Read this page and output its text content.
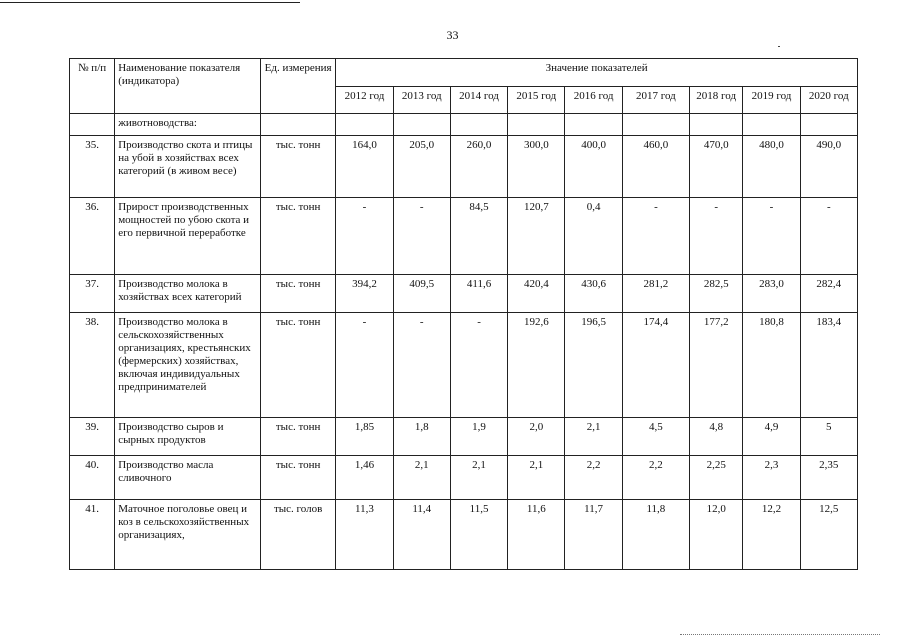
33
№ п/п	Наименование показателя (индикатора)	Ед. измерения	Значение показателей								
			2012 год	2013 год	2014 год	2015 год	2016 год	2017 год	2018 год	2019 год	2020 год
	животноводства:										
35.	Производство скота и птицы на убой в хозяйствах всех категорий (в живом весе)	тыс. тонн	164,0	205,0	260,0	300,0	400,0	460,0	470,0	480,0	490,0
36.	Прирост производственных мощностей по убою скота и его первичной переработке	тыс. тонн	-	-	84,5	120,7	0,4	-	-	-	-
37.	Производство молока в хозяйствах всех категорий	тыс. тонн	394,2	409,5	411,6	420,4	430,6	281,2	282,5	283,0	282,4
38.	Производство молока в сельскохозяйственных организациях, крестьянских (фермерских) хозяйствах, включая индивидуальных предпринимателей	тыс. тонн	-	-	-	192,6	196,5	174,4	177,2	180,8	183,4
39.	Производство сыров и сырных продуктов	тыс. тонн	1,85	1,8	1,9	2,0	2,1	4,5	4,8	4,9	5
40.	Производство масла сливочного	тыс. тонн	1,46	2,1	2,1	2,1	2,2	2,2	2,25	2,3	2,35
41.	Маточное поголовье овец и коз в сельскохозяйственных организациях,	тыс. голов	11,3	11,4	11,5	11,6	11,7	11,8	12,0	12,2	12,5
